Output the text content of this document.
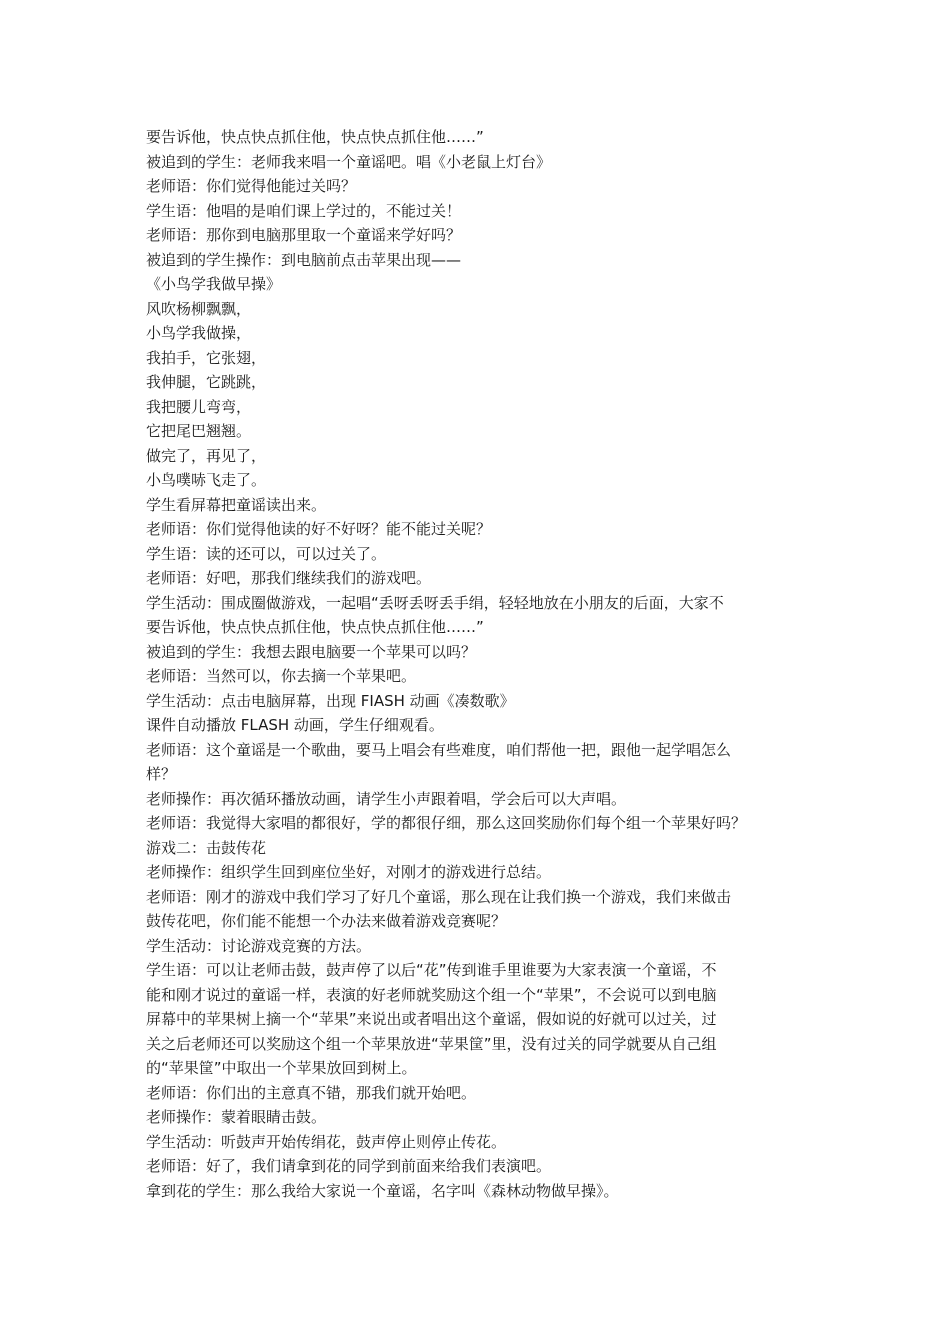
要告诉他，快点快点抓住他，快点快点抓住他……”
被追到的学生：老师我来唱一个童谣吧。唱《小老鼠上灯台》
老师语：你们觉得他能过关吗？
学生语：他唱的是咱们课上学过的，不能过关！
老师语：那你到电脑那里取一个童谣来学好吗？
被追到的学生操作：到电脑前点击苹果出现——
《小鸟学我做早操》
风吹杨柳飘飘，
小鸟学我做操，
我拍手，它张翅，
我伸腿，它跳跳，
我把腰儿弯弯，
它把尾巴翘翘。
做完了，再见了，
小鸟噗哧飞走了。
学生看屏幕把童谣读出来。
老师语：你们觉得他读的好不好呀？能不能过关呢？
学生语：读的还可以，可以过关了。
老师语：好吧，那我们继续我们的游戏吧。
学生活动：围成圈做游戏，一起唱“丢呀丢呀丢手绢，轻轻地放在小朋友的后面，大家不
要告诉他，快点快点抓住他，快点快点抓住他……”
被追到的学生：我想去跟电脑要一个苹果可以吗？
老师语：当然可以，你去摘一个苹果吧。
学生活动：点击电脑屏幕，出现 FIASH 动画《凑数歌》
课件自动播放 FLASH 动画，学生仔细观看。
老师语：这个童谣是一个歌曲，要马上唱会有些难度，咱们帮他一把，跟他一起学唱怎么
样？
老师操作：再次循环播放动画，请学生小声跟着唱，学会后可以大声唱。
老师语：我觉得大家唱的都很好，学的都很仔细，那么这回奖励你们每个组一个苹果好吗？
游戏二：击鼓传花
老师操作：组织学生回到座位坐好，对刚才的游戏进行总结。
老师语：刚才的游戏中我们学习了好几个童谣，那么现在让我们换一个游戏，我们来做击
鼓传花吧，你们能不能想一个办法来做着游戏竞赛呢？
学生活动：讨论游戏竞赛的方法。
学生语：可以让老师击鼓，鼓声停了以后“花”传到谁手里谁要为大家表演一个童谣，不
能和刚才说过的童谣一样，表演的好老师就奖励这个组一个“苹果”，不会说可以到电脑
屏幕中的苹果树上摘一个“苹果”来说出或者唱出这个童谣，假如说的好就可以过关，过
关之后老师还可以奖励这个组一个苹果放进“苹果筐”里，没有过关的同学就要从自己组
的“苹果筐”中取出一个苹果放回到树上。
老师语：你们出的主意真不错，那我们就开始吧。
老师操作：蒙着眼睛击鼓。
学生活动：听鼓声开始传绢花，鼓声停止则停止传花。
老师语：好了，我们请拿到花的同学到前面来给我们表演吧。
拿到花的学生：那么我给大家说一个童谣，名字叫《森林动物做早操》。
